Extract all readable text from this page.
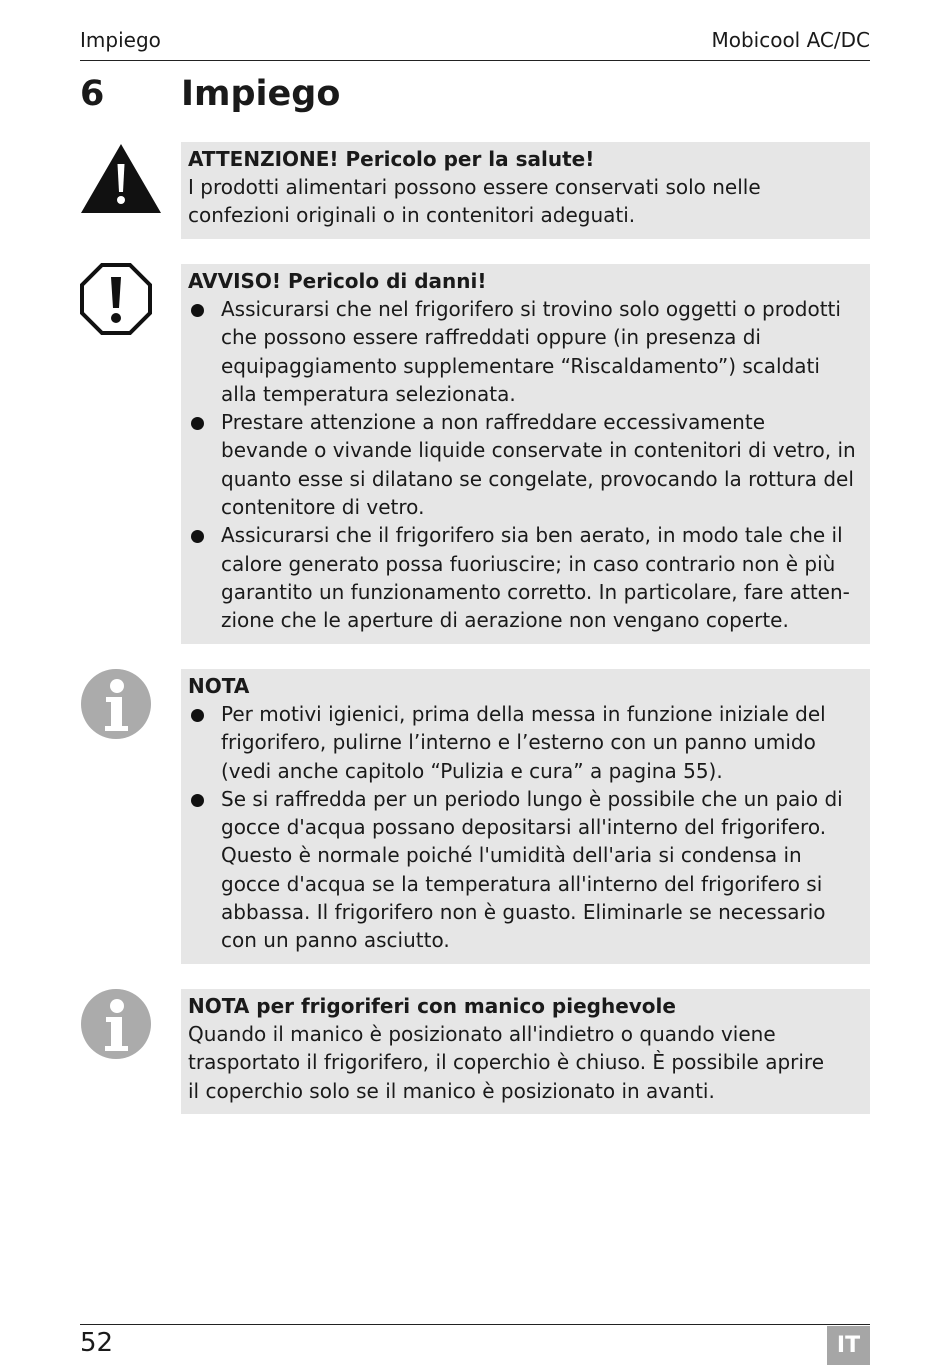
Impiego	Mobicool AC/DC
6 Impiego
ATTENZIONE! Pericolo per la salute!

I prodotti alimentari possono essere conservati solo nelle

confezioni originali o in contenitori adeguati.

AVVISO! Pericolo di danni!
Assicurarsi che nel frigorifero si trovino solo oggetti o prodotti
che possono essere raffreddati oppure (in presenza di
equipaggiamento supplementare “Riscaldamento”) scaldati
alla temperatura selezionata.
Prestare attenzione a non raffreddare eccessivamente
bevande o vivande liquide conservate in contenitori di vetro, in
quanto esse si dilatano se congelate, provocando la rottura del
contenitore di vetro.
Assicurarsi che il frigorifero sia ben aerato, in modo tale che il
calore generato possa fuoriuscire; in caso contrario non è più
garantito un funzionamento corretto. In particolare, fare atten-
zione che le aperture di aerazione non vengano coperte.
NOTA
Per motivi igienici, prima della messa in funzione iniziale del
frigorifero, pulirne l’interno e l’esterno con un panno umido
(vedi anche capitolo “Pulizia e cura” a pagina 55).
Se si raffredda per un periodo lungo è possibile che un paio di
gocce d'acqua possano depositarsi all'interno del frigorifero.
Questo è normale poiché l'umidità dell'aria si condensa in
gocce d'acqua se la temperatura all'interno del frigorifero si
abbassa. Il frigorifero non è guasto. Eliminarle se necessario
con un panno asciutto.
NOTA per frigoriferi con manico pieghevole

Quando il manico è posizionato all'indietro o quando viene

trasportato il frigorifero, il coperchio è chiuso. È possibile aprire

il coperchio solo se il manico è posizionato in avanti.

52	IT
